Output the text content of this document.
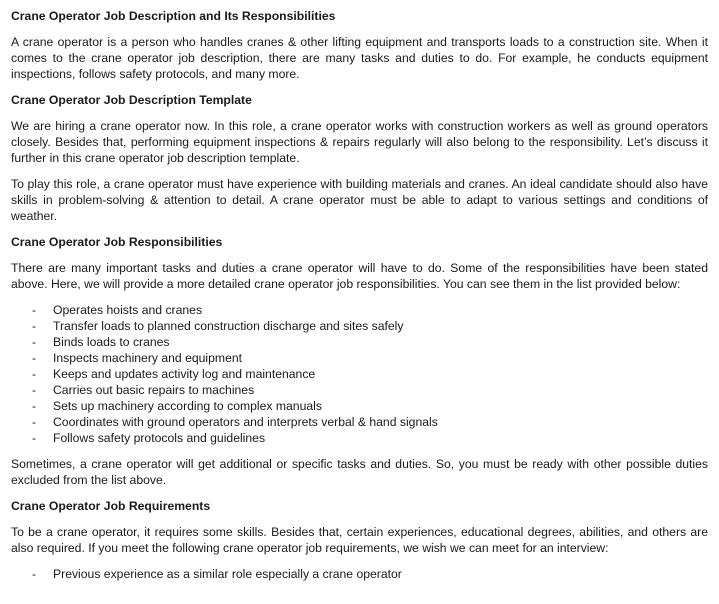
Crane Operator Job Description and Its Responsibilities

A crane operator is a person who handles cranes & other lifting equipment and transports loads to a construction site. When it comes to the crane operator job description, there are many tasks and duties to do. For example, he conducts equipment inspections, follows safety protocols, and many more.

Crane Operator Job Description Template

We are hiring a crane operator now. In this role, a crane operator works with construction workers as well as ground operators closely. Besides that, performing equipment inspections & repairs regularly will also belong to the responsibility. Let’s discuss it further in this crane operator job description template.

To play this role, a crane operator must have experience with building materials and cranes. An ideal candidate should also have skills in problem-solving & attention to detail. A crane operator must be able to adapt to various settings and conditions of weather.

Crane Operator Job Responsibilities

There are many important tasks and duties a crane operator will have to do. Some of the responsibilities have been stated above. Here, we will provide a more detailed crane operator job responsibilities. You can see them in the list provided below:

- Operates hoists and cranes
- Transfer loads to planned construction discharge and sites safely
- Binds loads to cranes
- Inspects machinery and equipment
- Keeps and updates activity log and maintenance
- Carries out basic repairs to machines
- Sets up machinery according to complex manuals
- Coordinates with ground operators and interprets verbal & hand signals
- Follows safety protocols and guidelines

Sometimes, a crane operator will get additional or specific tasks and duties. So, you must be ready with other possible duties excluded from the list above.

Crane Operator Job Requirements

To be a crane operator, it requires some skills. Besides that, certain experiences, educational degrees, abilities, and others are also required. If you meet the following crane operator job requirements, we wish we can meet for an interview:

- Previous experience as a similar role especially a crane operator
